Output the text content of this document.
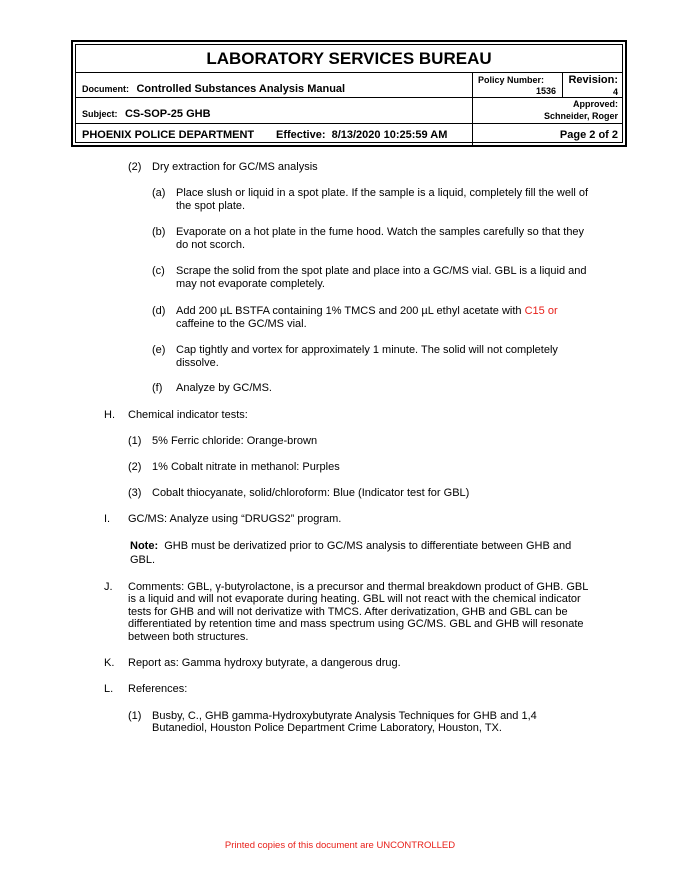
LABORATORY SERVICES BUREAU
Document: Controlled Substances Analysis Manual
Policy Number:
1536
Revision:
4
Subject: CS-SOP-25 GHB
Approved:
Schneider, Roger
PHOENIX POLICE DEPARTMENT Effective: 8/13/2020 10:25:59 AM	Page 2 of 2
(2) Dry extraction for GC/MS analysis
(a) Place slush or liquid in a spot plate. If the sample is a liquid, completely fill the well of
the spot plate.
(b) Evaporate on a hot plate in the fume hood. Watch the samples carefully so that they
do not scorch.
(c) Scrape the solid from the spot plate and place into a GC/MS vial. GBL is a liquid and
may not evaporate completely.
(d) Add 200 µL BSTFA containing 1% TMCS and 200 µL ethyl acetate with C15 or
caffeine to the GC/MS vial.
(e) Cap tightly and vortex for approximately 1 minute. The solid will not completely
dissolve.
(f) Analyze by GC/MS.
H. Chemical indicator tests:
(1) 5% Ferric chloride: Orange-brown
(2) 1% Cobalt nitrate in methanol: Purples
(3) Cobalt thiocyanate, solid/chloroform: Blue (Indicator test for GBL)
I. GC/MS: Analyze using “DRUGS2” program.
Note:  GHB must be derivatized prior to GC/MS analysis to differentiate between GHB and
GBL.
J. Comments: GBL, γ-butyrolactone, is a precursor and thermal breakdown product of GHB. GBL
is a liquid and will not evaporate during heating. GBL will not react with the chemical indicator
tests for GHB and will not derivatize with TMCS. After derivatization, GHB and GBL can be
differentiated by retention time and mass spectrum using GC/MS. GBL and GHB will resonate
between both structures.
K. Report as: Gamma hydroxy butyrate, a dangerous drug.
L. References:
(1) Busby, C., GHB gamma-Hydroxybutyrate Analysis Techniques for GHB and 1,4
Butanediol, Houston Police Department Crime Laboratory, Houston, TX.
Printed copies of this document are UNCONTROLLED
